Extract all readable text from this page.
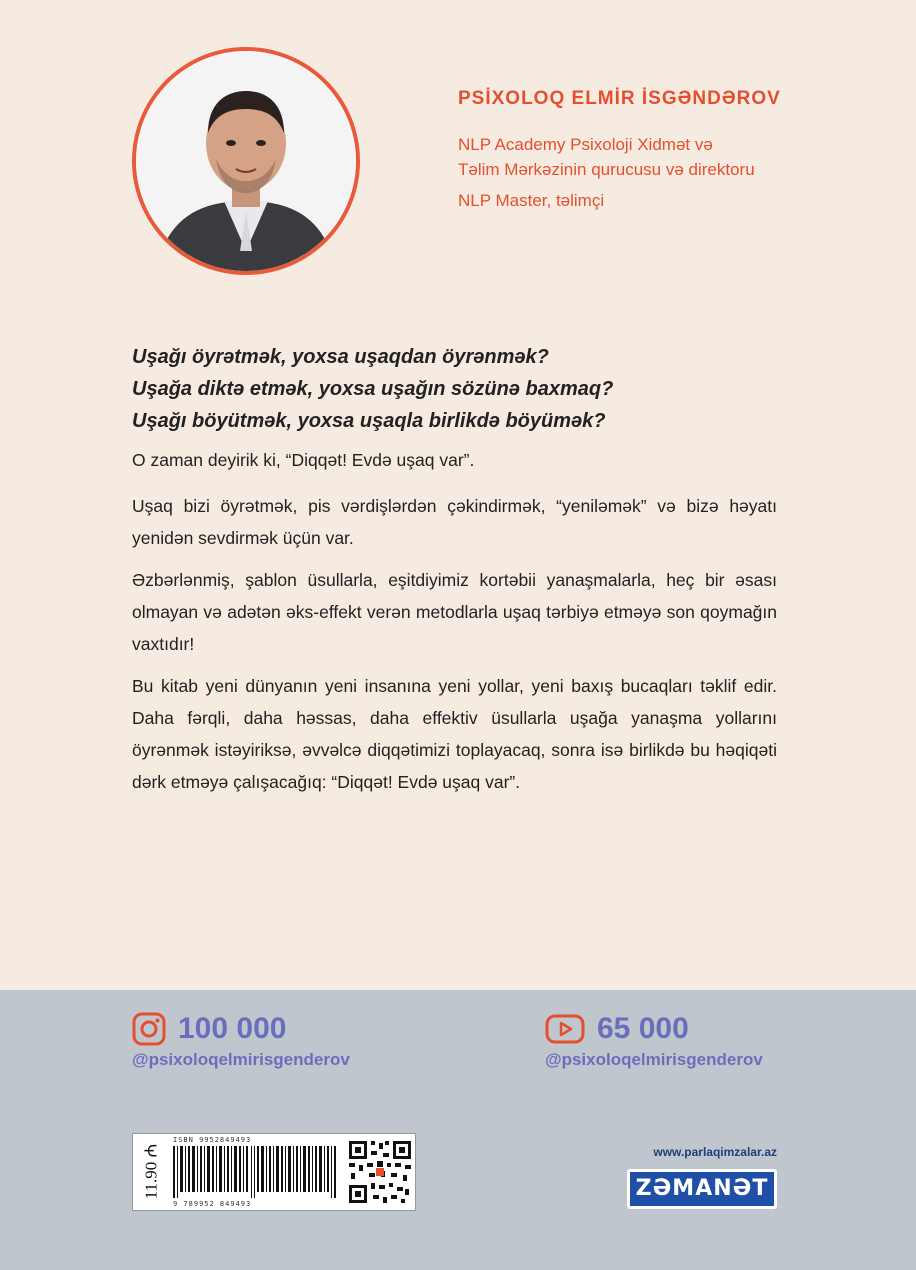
PSİXOLOQ ELMİR İSGƏNDƏROV

NLP Academy Psixoloji Xidmət və

Təlim Mərkəzinin qurucusu və direktoru

NLP Master, təlimçi

Uşağı öyrətmək, yoxsa uşaqdan öyrənmək?

Uşağa diktə etmək, yoxsa uşağın sözünə baxmaq?

Uşağı böyütmək, yoxsa uşaqla birlikdə böyümək?

O zaman deyirik ki, “Diqqət! Evdə uşaq var”.

Uşaq bizi öyrətmək, pis vərdişlərdən çəkindirmək, “yeniləmək” və bizə həyatı yenidən sevdirmək üçün var.

Əzbərlənmiş, şablon üsullarla, eşitdiyimiz kortəbii yanaşmalarla, heç bir əsası olmayan və adətən əks-effekt verən metodlarla uşaq tərbiyə etməyə son qoymağın vaxtıdır!

Bu kitab yeni dünyanın yeni insanına yeni yollar, yeni baxış bucaqları təklif edir. Daha fərqli, daha həssas, daha effektiv üsullarla uşağa yanaşma yollarını öyrənmək istəyiriksə, əvvəlcə diqqətimizi toplayacaq, sonra isə birlikdə bu həqiqəti dərk etməyə çalışacağıq: “Diqqət! Evdə uşaq var”.

100 000
@psixoloqelmirisgenderov
65 000
@psixoloqelmirisgenderov
11.90 ₼
ISBN 9952849493
9 789952 849493
www.parlaqimzalar.az
ZƏMANƏT
